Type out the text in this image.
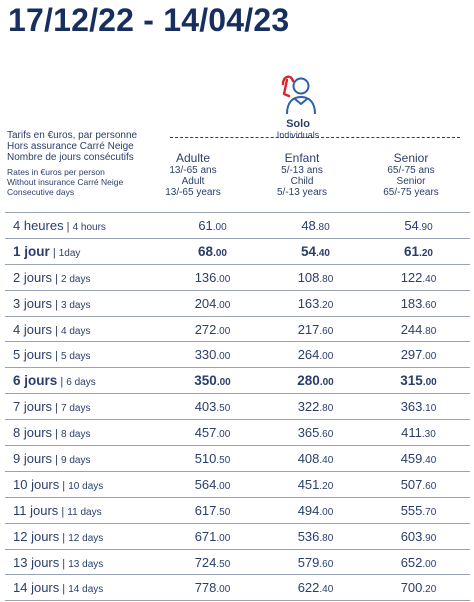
17/12/22 - 14/04/23
Solo
Individuals
Tarifs en €uros, par personne
Hors assurance Carré Neige
Nombre de jours consécutifs
Rates in €uros per person
Without insurance Carré Neige
Consecutive days
Adulte
13/-65 ans
Adult
13/-65 years
Enfant
5/-13 ans
Child
5/-13 years
Senior
65/-75 ans
Senior
65/-75 years
4 heures | 4 hours	61.00	48.80	54.90
1 jour | 1day	68.00	54.40	61.20
2 jours | 2 days	136.00	108.80	122.40
3 jours | 3 days	204.00	163.20	183.60
4 jours | 4 days	272.00	217.60	244.80
5 jours | 5 days	330.00	264.00	297.00
6 jours | 6 days	350.00	280.00	315.00
7 jours | 7 days	403.50	322.80	363.10
8 jours | 8 days	457.00	365.60	411.30
9 jours | 9 days	510.50	408.40	459.40
10 jours | 10 days	564.00	451.20	507.60
11 jours | 11 days	617.50	494.00	555.70
12 jours | 12 days	671.00	536.80	603.90
13 jours | 13 days	724.50	579.60	652.00
14 jours | 14 days	778.00	622.40	700.20
